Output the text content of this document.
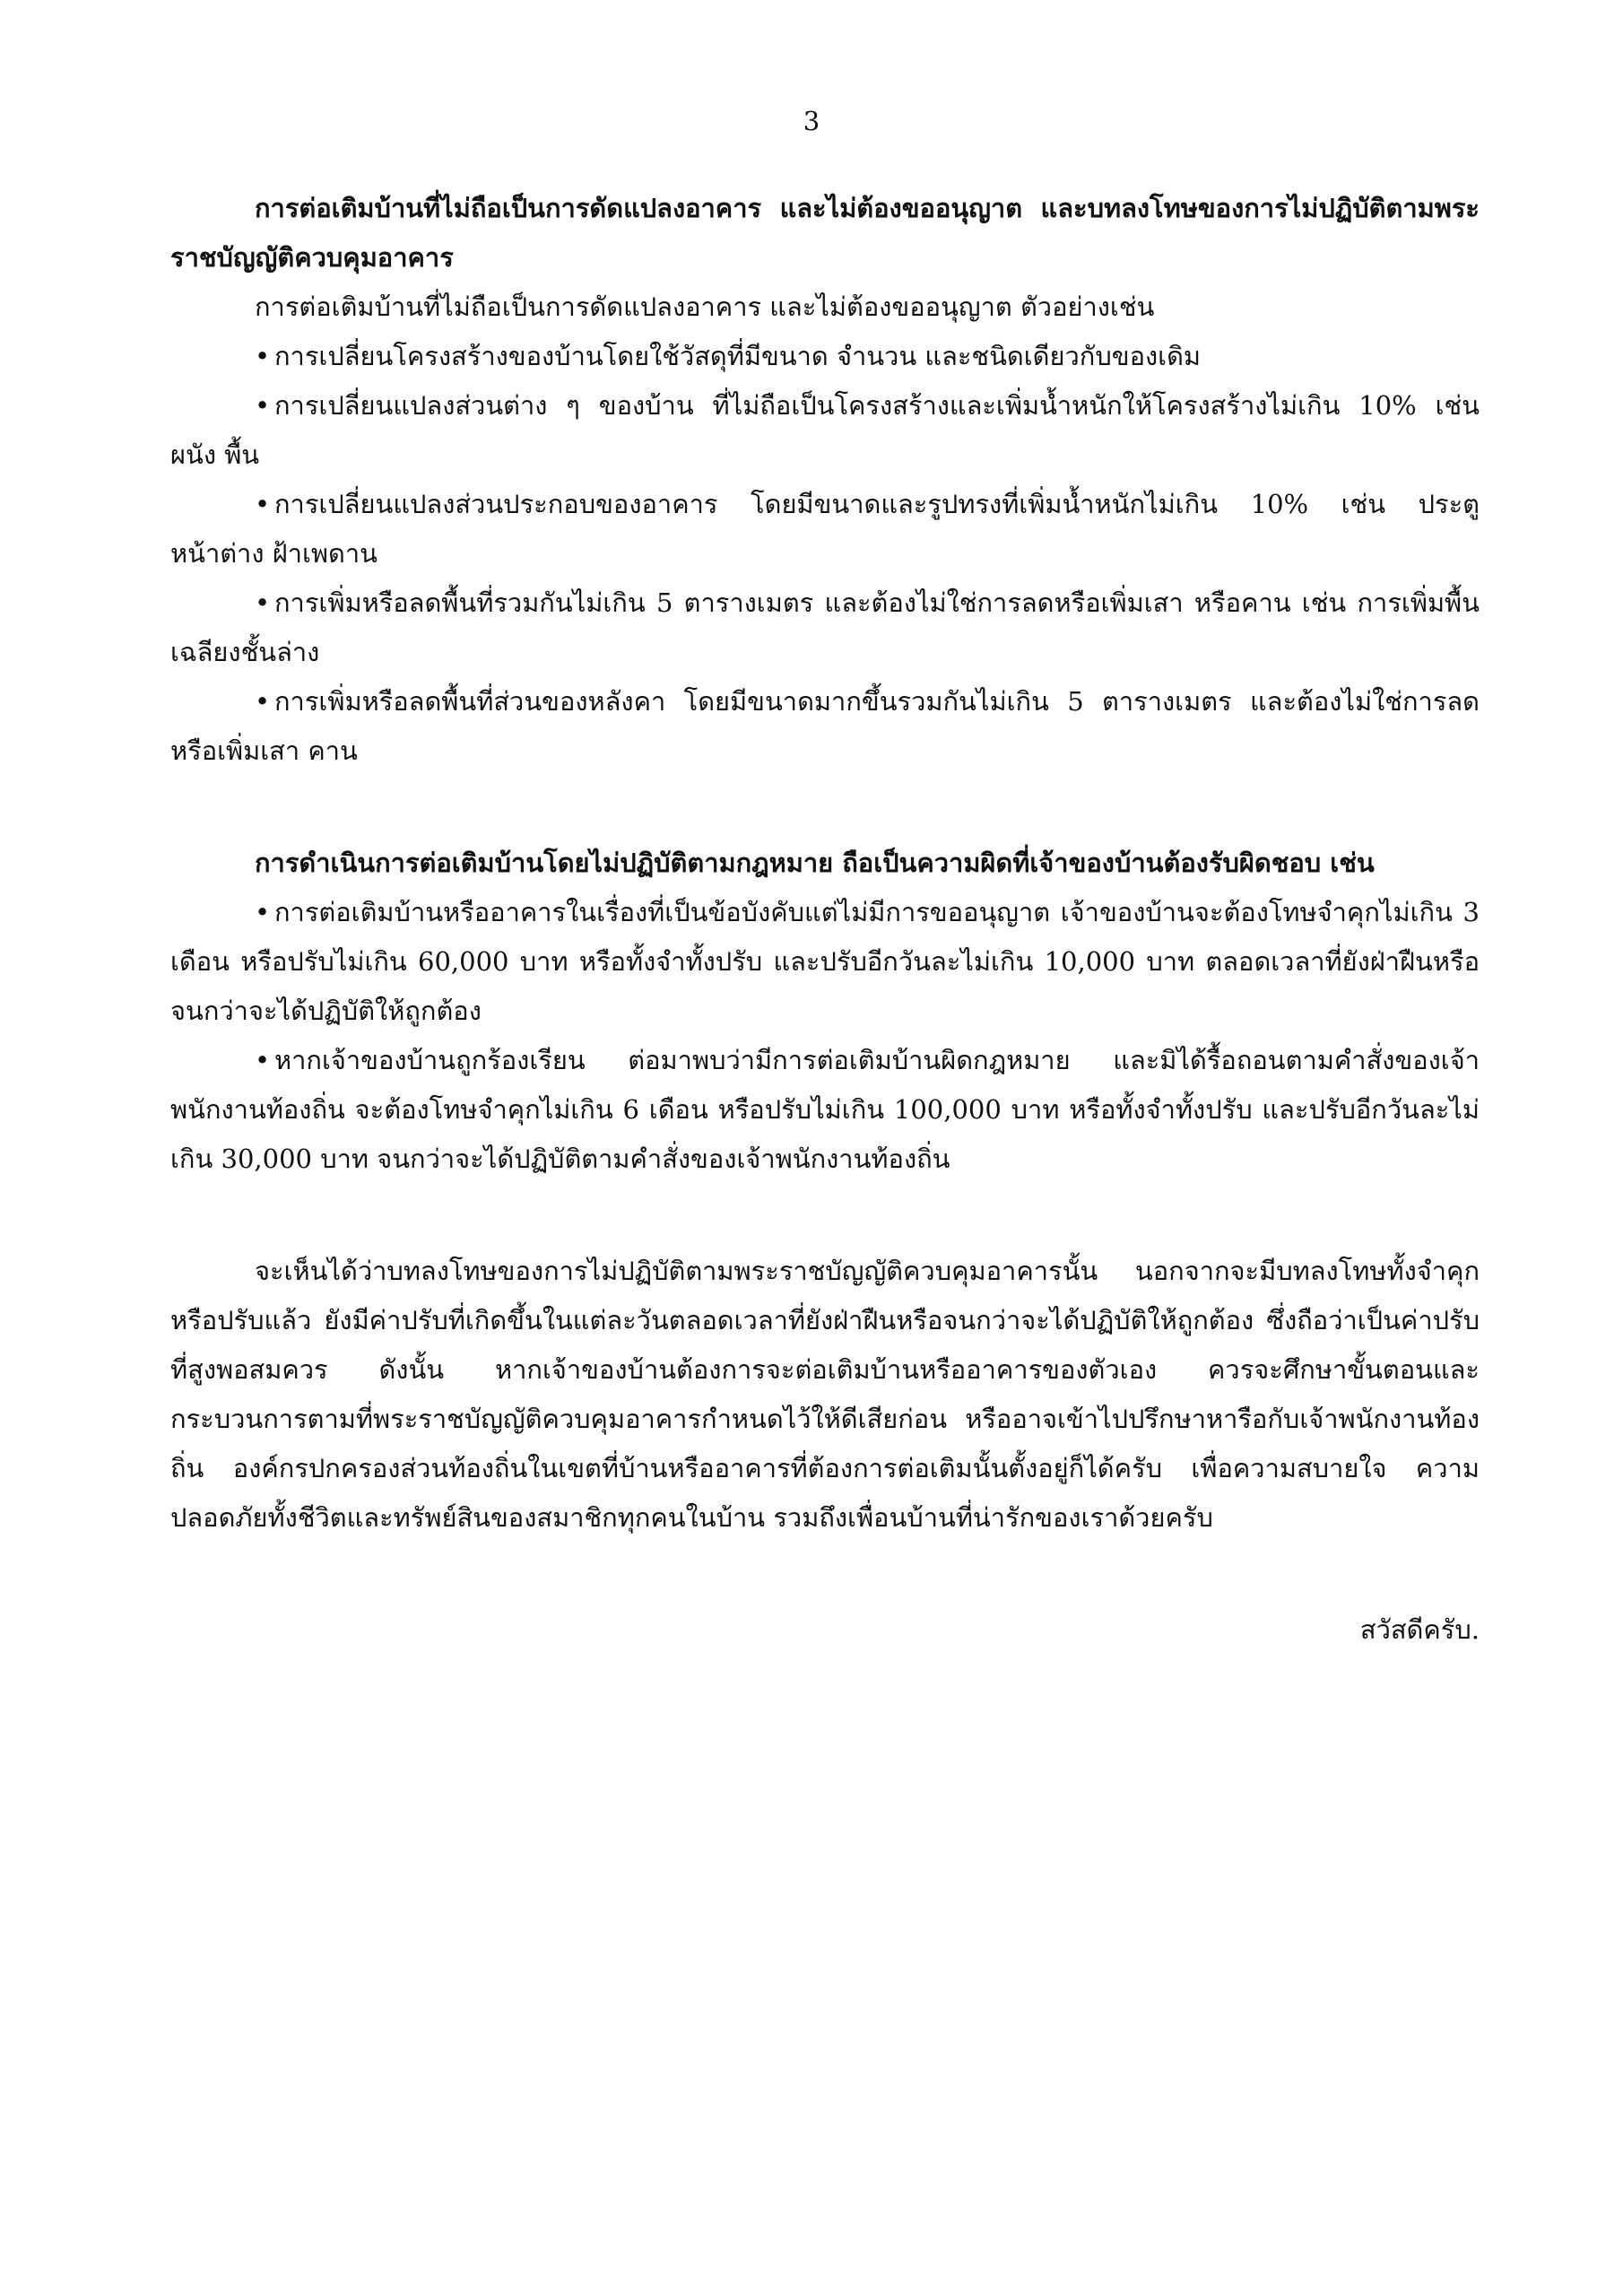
3

การต่อเติมบ้านที่ไม่ถือเป็นการดัดแปลงอาคาร และไม่ต้องขออนุญาต และบทลงโทษของการไม่ปฏิบัติตามพระราชบัญญัติควบคุมอาคาร

การต่อเติมบ้านที่ไม่ถือเป็นการดัดแปลงอาคาร และไม่ต้องขออนุญาต ตัวอย่างเช่น

• การเปลี่ยนโครงสร้างของบ้านโดยใช้วัสดุที่มีขนาด จำนวน และชนิดเดียวกับของเดิม

• การเปลี่ยนแปลงส่วนต่าง ๆ ของบ้าน ที่ไม่ถือเป็นโครงสร้างและเพิ่มน้ำหนักให้โครงสร้างไม่เกิน 10% เช่น ผนัง พื้น

• การเปลี่ยนแปลงส่วนประกอบของอาคาร โดยมีขนาดและรูปทรงที่เพิ่มน้ำหนักไม่เกิน 10% เช่น ประตู หน้าต่าง ฝ้าเพดาน

• การเพิ่มหรือลดพื้นที่รวมกันไม่เกิน 5 ตารางเมตร และต้องไม่ใช่การลดหรือเพิ่มเสา หรือคาน เช่น การเพิ่มพื้นเฉลียงชั้นล่าง

• การเพิ่มหรือลดพื้นที่ส่วนของหลังคา โดยมีขนาดมากขึ้นรวมกันไม่เกิน 5 ตารางเมตร และต้องไม่ใช่การลดหรือเพิ่มเสา คาน

การดำเนินการต่อเติมบ้านโดยไม่ปฏิบัติตามกฎหมาย ถือเป็นความผิดที่เจ้าของบ้านต้องรับผิดชอบ เช่น

• การต่อเติมบ้านหรืออาคารในเรื่องที่เป็นข้อบังคับแต่ไม่มีการขออนุญาต เจ้าของบ้านจะต้องโทษจำคุกไม่เกิน 3 เดือน หรือปรับไม่เกิน 60,000 บาท หรือทั้งจำทั้งปรับ และปรับอีกวันละไม่เกิน 10,000 บาท ตลอดเวลาที่ยังฝ่าฝืนหรือจนกว่าจะได้ปฏิบัติให้ถูกต้อง

• หากเจ้าของบ้านถูกร้องเรียน ต่อมาพบว่ามีการต่อเติมบ้านผิดกฎหมาย และมิได้รื้อถอนตามคำสั่งของเจ้าพนักงานท้องถิ่น จะต้องโทษจำคุกไม่เกิน 6 เดือน หรือปรับไม่เกิน 100,000 บาท หรือทั้งจำทั้งปรับ และปรับอีกวันละไม่เกิน 30,000 บาท จนกว่าจะได้ปฏิบัติตามคำสั่งของเจ้าพนักงานท้องถิ่น

จะเห็นได้ว่าบทลงโทษของการไม่ปฏิบัติตามพระราชบัญญัติควบคุมอาคารนั้น นอกจากจะมีบทลงโทษทั้งจำคุก หรือปรับแล้ว ยังมีค่าปรับที่เกิดขึ้นในแต่ละวันตลอดเวลาที่ยังฝ่าฝืนหรือจนกว่าจะได้ปฏิบัติให้ถูกต้อง ซึ่งถือว่าเป็นค่าปรับที่สูงพอสมควร ดังนั้น หากเจ้าของบ้านต้องการจะต่อเติมบ้านหรืออาคารของตัวเอง ควรจะศึกษาขั้นตอนและกระบวนการตามที่พระราชบัญญัติควบคุมอาคารกำหนดไว้ให้ดีเสียก่อน หรืออาจเข้าไปปรึกษาหารือกับเจ้าพนักงานท้องถิ่น องค์กรปกครองส่วนท้องถิ่นในเขตที่บ้านหรืออาคารที่ต้องการต่อเติมนั้นตั้งอยู่ก็ได้ครับ เพื่อความสบายใจ ความปลอดภัยทั้งชีวิตและทรัพย์สินของสมาชิกทุกคนในบ้าน รวมถึงเพื่อนบ้านที่น่ารักของเราด้วยครับ

สวัสดีครับ.
